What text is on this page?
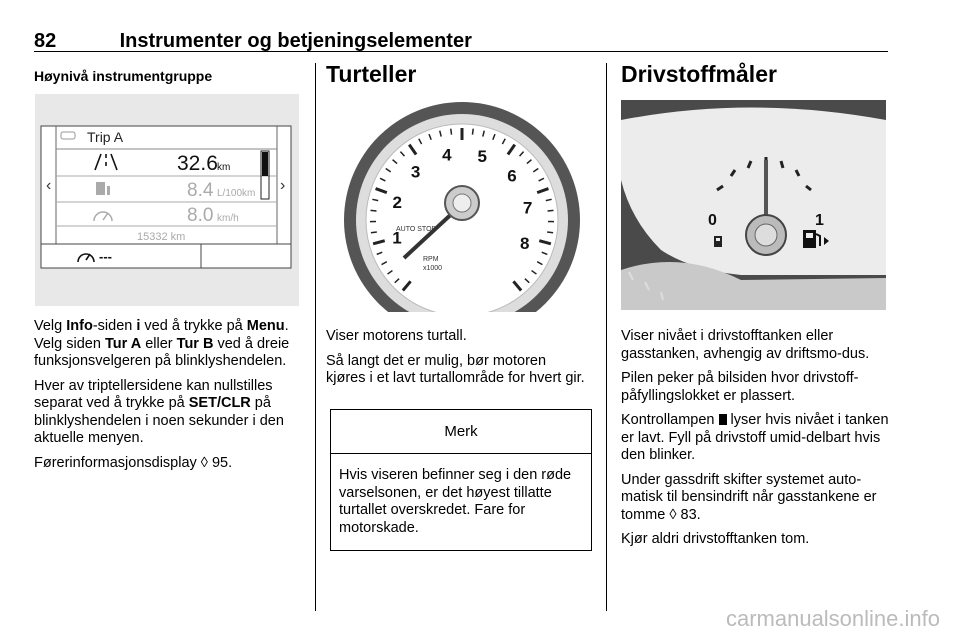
82	Instrumenter og betjeningselementer
Høynivå instrumentgruppe
Trip A
‹	›
32.6 km
8.4 L/100km
8.0 km/h
15332 km
---

Velg Info-siden i ved å trykke på Menu. Velg siden Tur A eller Tur B ved å dreie funksjonsvelgeren på blinklyshendelen.

Hver av triptellersidene kan nullstilles separat ved å trykke på SET/CLR på blinklyshendelen i noen sekunder i den aktuelle menyen.

Førerinformasjonsdisplay ◊ 95.

Turteller
1
2
3
4 5
6
7
8
AUTO STOP
RPM
x1000

Viser motorens turtall.

Så langt det er mulig, bør motoren kjøres i et lavt turtallområde for hvert gir.

Merk
Hvis viseren befinner seg i den røde varselsonen, er det høyest tillatte turtallet overskredet. Fare for motorskade.
Drivstoffmåler
0	1

Viser nivået i drivstofftanken eller gasstanken, avhengig av driftsmo-dus.

Pilen peker på bilsiden hvor drivstoff-påfyllingslokket er plassert.

Kontrollampen  lyser hvis nivået i tanken er lavt. Fyll på drivstoff umid-delbart hvis den blinker.

Under gassdrift skifter systemet auto-matisk til bensindrift når gasstankene er tomme ◊ 83.

Kjør aldri drivstofftanken tom.

carmanualsonline.info
